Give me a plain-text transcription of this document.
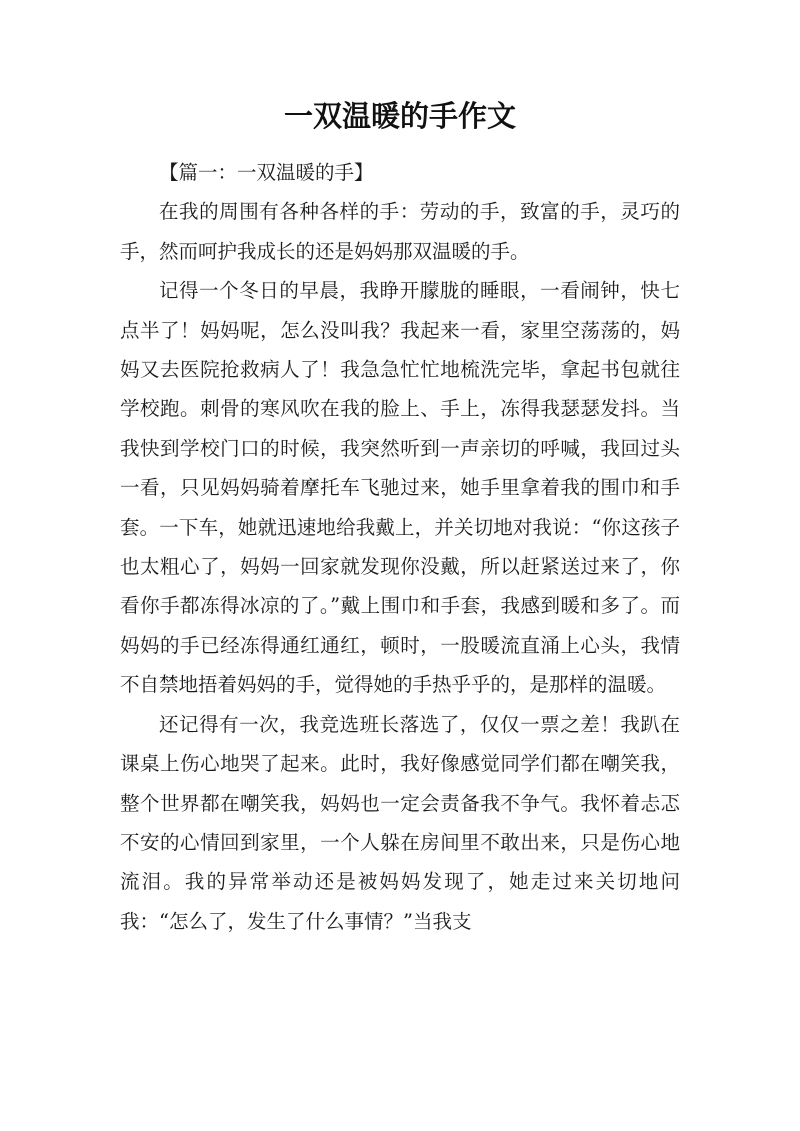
一双温暖的手作文

【篇一：一双温暖的手】

在我的周围有各种各样的手：劳动的手，致富的手，灵巧的手，然而呵护我成长的还是妈妈那双温暖的手。

记得一个冬日的早晨，我睁开朦胧的睡眼，一看闹钟，快七点半了！妈妈呢，怎么没叫我？我起来一看，家里空荡荡的，妈妈又去医院抢救病人了！我急急忙忙地梳洗完毕，拿起书包就往学校跑。刺骨的寒风吹在我的脸上、手上，冻得我瑟瑟发抖。当我快到学校门口的时候，我突然听到一声亲切的呼喊，我回过头一看，只见妈妈骑着摩托车飞驰过来，她手里拿着我的围巾和手套。一下车，她就迅速地给我戴上，并关切地对我说：“你这孩子也太粗心了，妈妈一回家就发现你没戴，所以赶紧送过来了，你看你手都冻得冰凉的了。”戴上围巾和手套，我感到暖和多了。而妈妈的手已经冻得通红通红，顿时，一股暖流直涌上心头，我情不自禁地捂着妈妈的手，觉得她的手热乎乎的，是那样的温暖。

还记得有一次，我竞选班长落选了，仅仅一票之差！我趴在课桌上伤心地哭了起来。此时，我好像感觉同学们都在嘲笑我，整个世界都在嘲笑我，妈妈也一定会责备我不争气。我怀着忐忑不安的心情回到家里，一个人躲在房间里不敢出来，只是伤心地流泪。我的异常举动还是被妈妈发现了，她走过来关切地问我：“怎么了，发生了什么事情？”当我支
